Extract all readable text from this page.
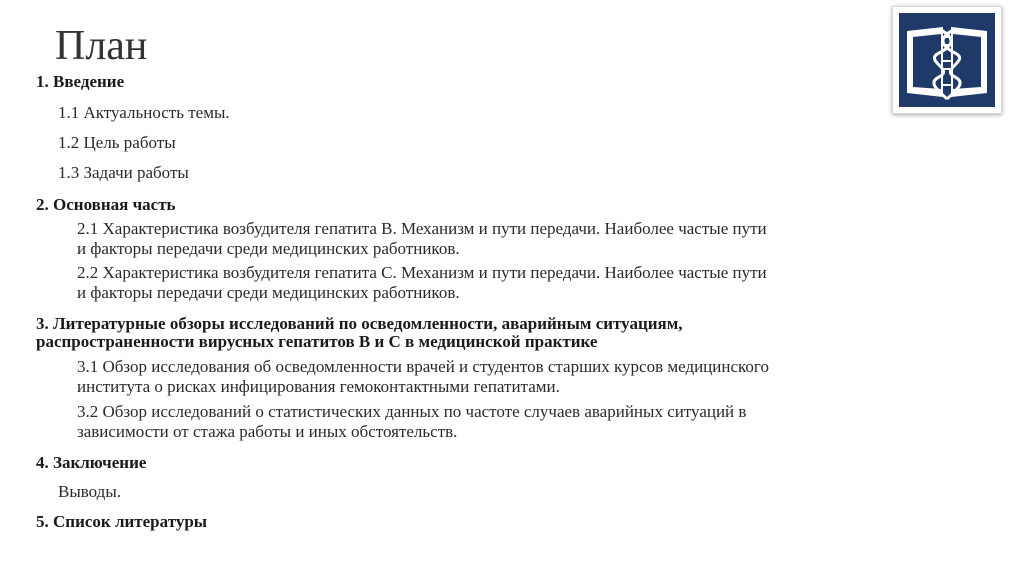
План
1. Введение
1.1 Актуальность темы.
1.2 Цель работы
1.3 Задачи работы
2. Основная часть
2.1 Характеристика возбудителя гепатита В. Механизм и пути передачи. Наиболее частые пути
и факторы передачи среди медицинских работников.
2.2 Характеристика возбудителя гепатита С. Механизм и пути передачи. Наиболее частые пути
и факторы передачи среди медицинских работников.
3. Литературные обзоры исследований по осведомленности, аварийным ситуациям,
распространенности вирусных гепатитов В и С в медицинской практике
3.1 Обзор исследования об осведомленности врачей и студентов старших курсов медицинского
института о рисках инфицирования гемоконтактными гепатитами.
3.2 Обзор исследований о статистических данных по частоте случаев аварийных ситуаций в
зависимости от стажа работы и иных обстоятельств.
4. Заключение
Выводы.
5. Список литературы
